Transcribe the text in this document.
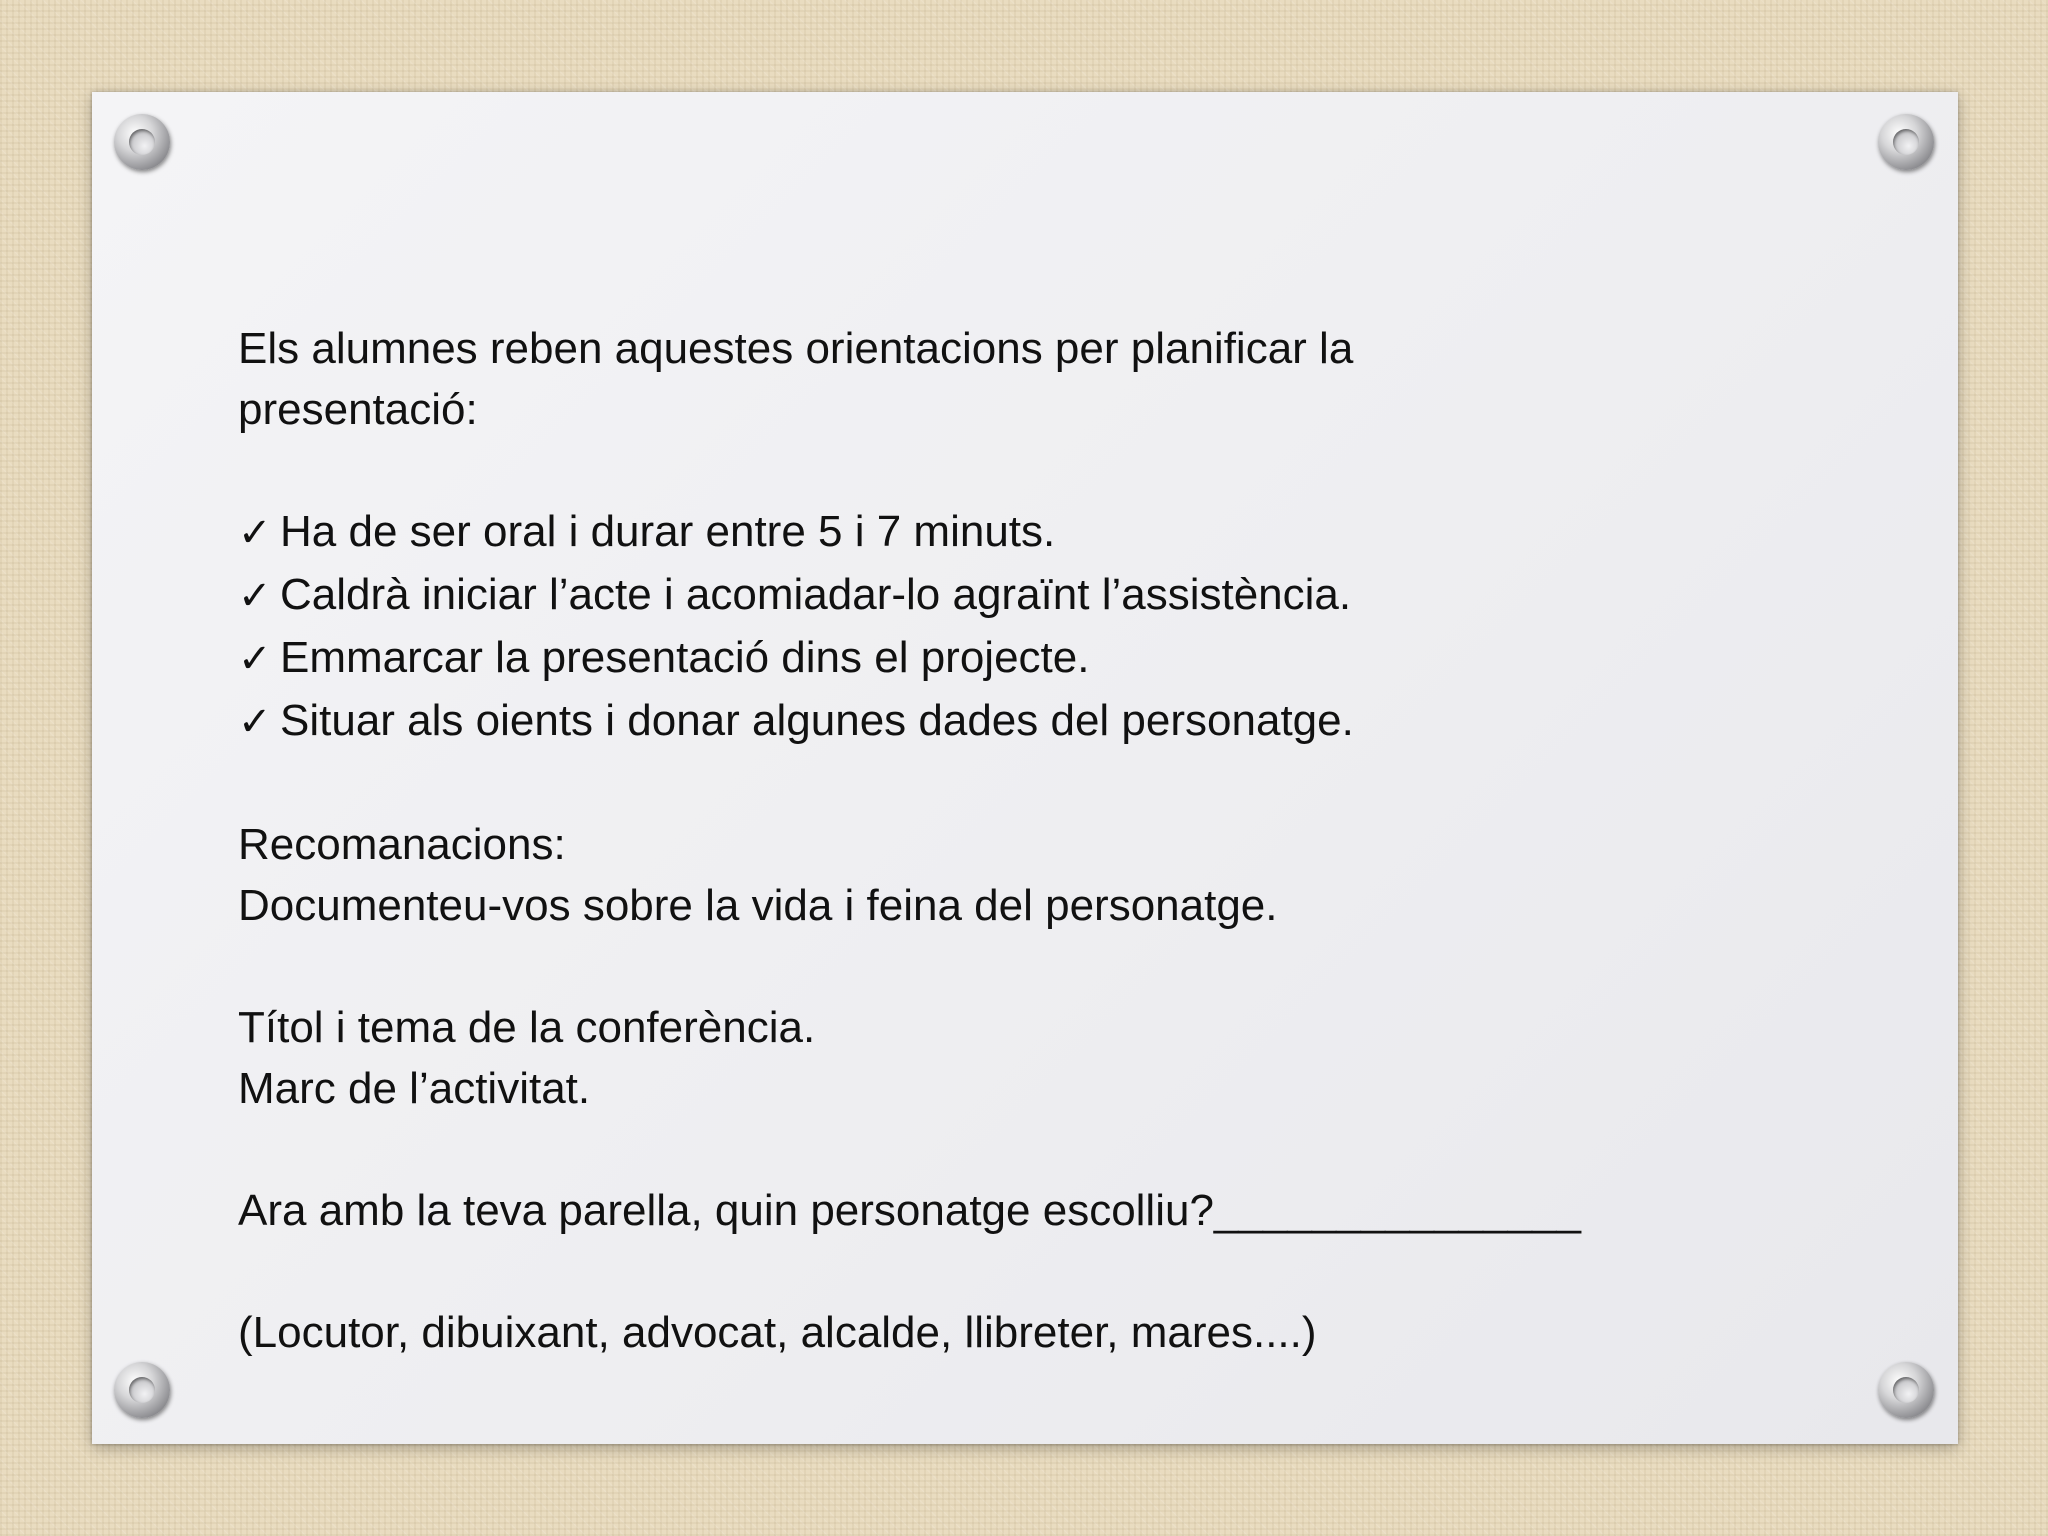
Els alumnes reben aquestes orientacions per planificar la
presentació:
✓ Ha de ser oral i durar entre 5 i 7 minuts.
✓ Caldrà iniciar l’acte i acomiadar-lo agraïnt l’assistència.
✓ Emmarcar la presentació dins el projecte.
✓ Situar als oients i donar algunes dades del personatge.
Recomanacions:
Documenteu-vos sobre la vida i feina del personatge.
Títol i tema de la conferència.
Marc de l’activitat.
Ara amb la teva parella, quin personatge escolliu?_______________
(Locutor, dibuixant, advocat, alcalde, llibreter, mares....)
